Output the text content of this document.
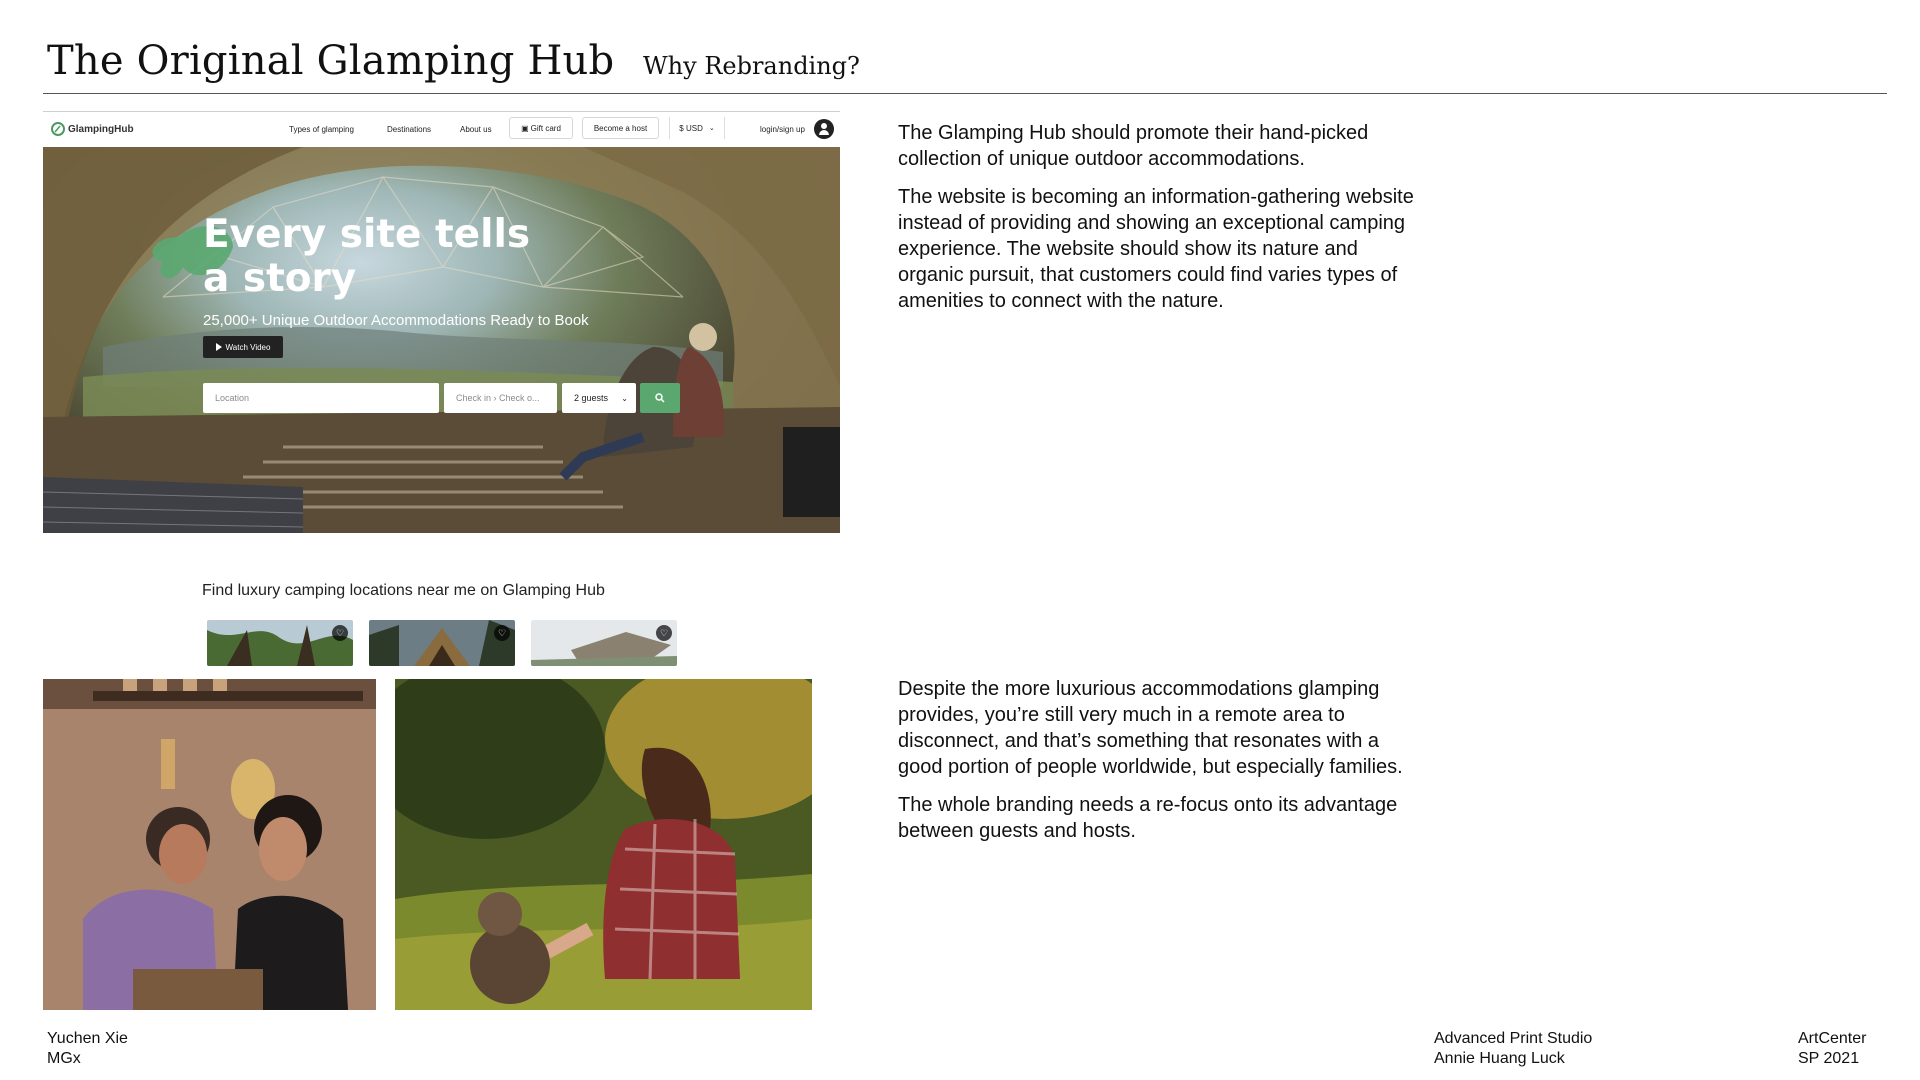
The Original Glamping Hub Why Rebranding?
GlampingHub	Types of glamping	Destinations	About us	▣ Gift card	Become a host	$ USD ⌄	login/sign up
Every site tells a story
25,000+ Unique Outdoor Accommodations Ready to Book
Watch Video
Location	Check in › Check o...	2 guests ⌄
Find luxury camping locations near me on Glamping Hub
♡	♡	♡

The Glamping Hub should promote their hand-picked collection of unique outdoor accommodations.

The website is becoming an information-gathering website instead of providing and showing an exceptional camping experience. The website should show its nature and organic pursuit, that customers could find varies types of amenities to connect with the nature.

Despite the more luxurious accommodations glamping provides, you’re still very much in a remote area to disconnect, and that’s something that resonates with a good portion of people worldwide, but especially families.

The whole branding needs a re-focus onto its advantage between guests and hosts.

Yuchen Xie
MGx
Advanced Print Studio
Annie Huang Luck
ArtCenter
SP 2021
